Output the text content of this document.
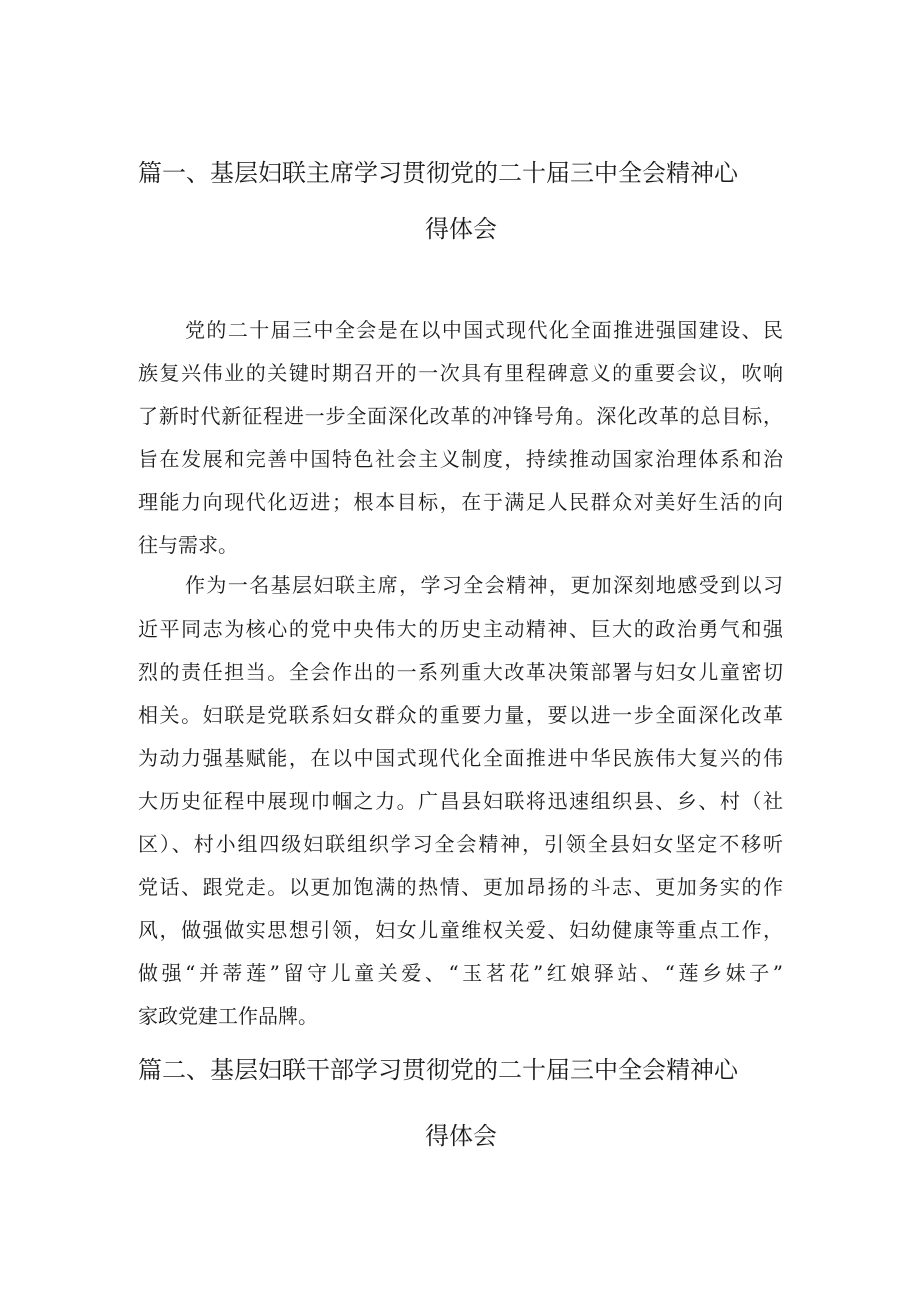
篇一、基层妇联主席学习贯彻党的二十届三中全会精神心
得体会
党的二十届三中全会是在以中国式现代化全面推进强国建设、民
族复兴伟业的关键时期召开的一次具有里程碑意义的重要会议，吹响
了新时代新征程进一步全面深化改革的冲锋号角。深化改革的总目标，
旨在发展和完善中国特色社会主义制度，持续推动国家治理体系和治
理能力向现代化迈进；根本目标，在于满足人民群众对美好生活的向
往与需求。
作为一名基层妇联主席，学习全会精神，更加深刻地感受到以习
近平同志为核心的党中央伟大的历史主动精神、巨大的政治勇气和强
烈的责任担当。全会作出的一系列重大改革决策部署与妇女儿童密切
相关。妇联是党联系妇女群众的重要力量，要以进一步全面深化改革
为动力强基赋能，在以中国式现代化全面推进中华民族伟大复兴的伟
大历史征程中展现巾帼之力。广昌县妇联将迅速组织县、乡、村（社
区）、村小组四级妇联组织学习全会精神，引领全县妇女坚定不移听
党话、跟党走。以更加饱满的热情、更加昂扬的斗志、更加务实的作
风，做强做实思想引领，妇女儿童维权关爱、妇幼健康等重点工作，
做强“并蒂莲”留守儿童关爱、“玉茗花”红娘驿站、“莲乡妹子”
家政党建工作品牌。
篇二、基层妇联干部学习贯彻党的二十届三中全会精神心
得体会
